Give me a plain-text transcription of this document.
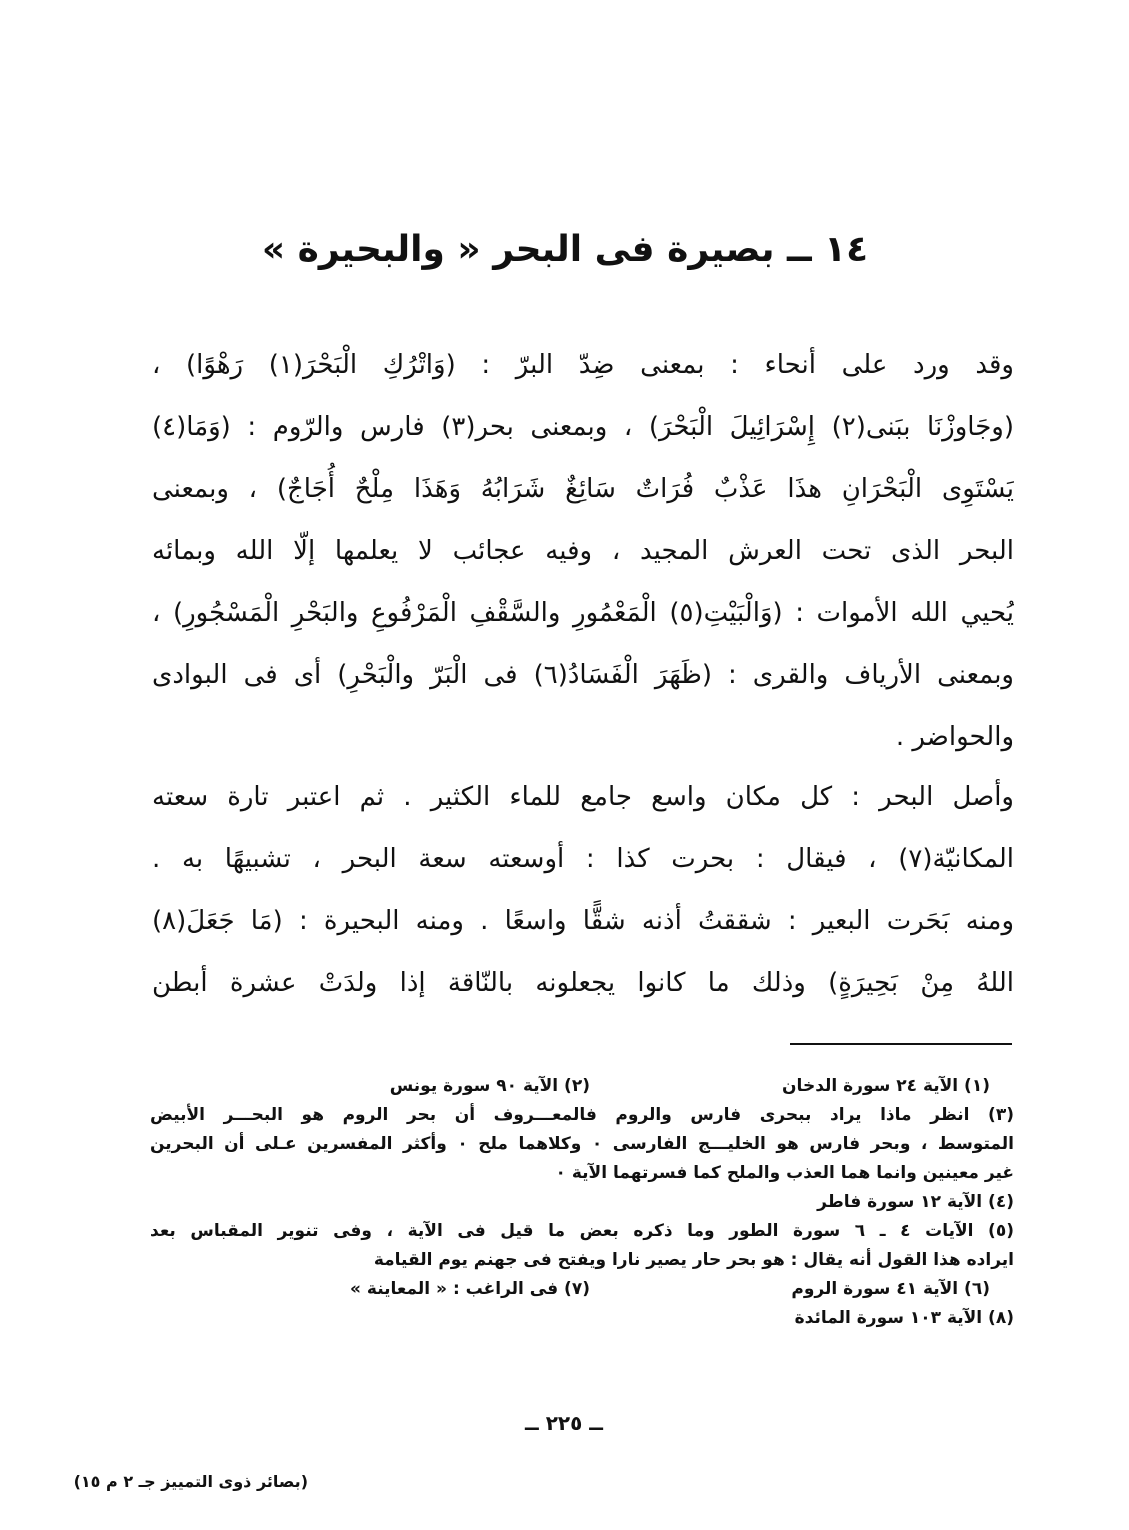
١٤ ــ بصيرة فى البحر « والبحيرة »
وقد ورد على أنحاء : بمعنى ضِدّ البرّ : (وَاتْرُكِ الْبَحْرَ(١) رَهْوًا) ،
(وجَاوزْنَا ببَنى(٢) إِسْرَائِيلَ الْبَحْرَ) ، وبمعنى بحر(٣) فارس والرّوم : (وَمَا(٤)
يَسْتَوِى الْبَحْرَانِ هذَا عَذْبٌ فُرَاتٌ سَائِغٌ شَرَابُهُ وَهَذَا مِلْحٌ أُجَاجٌ) ، وبمعنى
البحر الذى تحت العرش المجيد ، وفيه عجائب لا يعلمها إلّا الله وبمائه
يُحيي الله الأموات : (وَالْبَيْتِ(٥) الْمَعْمُورِ والسَّقْفِ الْمَرْفُوعِ والبَحْرِ الْمَسْجُورِ) ،
وبمعنى الأرياف والقرى : (ظَهَرَ الْفَسَادُ(٦) فى الْبَرّ والْبَحْرِ) أى فى البوادى
والحواضر .
وأصل البحر : كل مكان واسع جامع للماء الكثير . ثم اعتبر تارة سعته
المكانيّة(٧) ، فيقال : بحرت كذا : أوسعته سعة البحر ، تشبيهًا به .
ومنه بَحَرت البعير : شققتُ أذنه شقًّا واسعًا . ومنه البحيرة : (مَا جَعَلَ(٨)
اللهُ مِنْ بَحِيرَةٍ) وذلك ما كانوا يجعلونه بالنّاقة إذا ولدَتْ عشرة أبطن
(١) الآية ٢٤ سورة الدخان
(٢) الآية ٩٠ سورة يونس
(٣) انظر ماذا يراد ببحرى فارس والروم فالمعـــروف أن بحر الروم هو البحـــر الأبيض
المتوسط ، وبحر فارس هو الخليـــج الفارسى ٠ وكلاهما ملح ٠ وأكثر المفسرين عـلى أن البحرين
غير معينين وانما هما العذب والملح كما فسرتهما الآية ٠
(٤) الآية ١٢ سورة فاطر
(٥) الآيات ٤ ـ ٦ سورة الطور وما ذكره بعض ما قيل فى الآية ، وفى تنوير المقباس بعد
ايراده هذا القول أنه يقال : هو بحر حار يصير نارا ويفتح فى جهنم يوم القيامة
(٦) الآية ٤١ سورة الروم
(٧) فى الراغب : « المعاينة »
(٨) الآية ١٠٣ سورة المائدة
ــ ٢٢٥ ــ
(بصائر ذوى التمييز جـ ٢ م ١٥)
